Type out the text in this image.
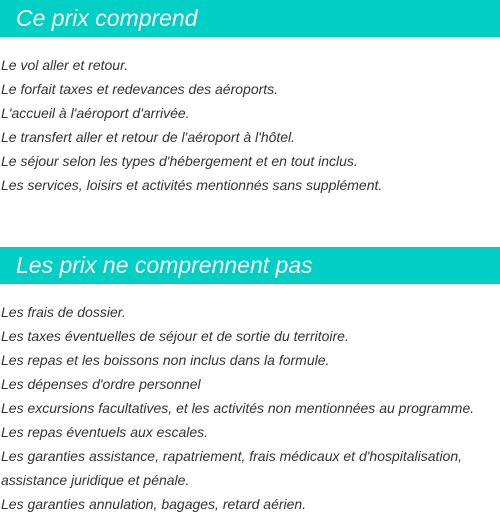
Ce prix comprend
Le vol aller et retour.
Le forfait taxes et redevances des aéroports.
L'accueil à l'aéroport d'arrivée.
Le transfert aller et retour de l'aéroport à l'hôtel.
Le séjour selon les types d'hébergement et en tout inclus.
Les services, loisirs et activités mentionnés sans supplément.
Les prix ne comprennent pas
Les frais de dossier.
Les taxes éventuelles de séjour et de sortie du territoire.
Les repas et les boissons non inclus dans la formule.
Les dépenses d'ordre personnel
Les excursions facultatives, et les activités non mentionnées au programme.
Les repas éventuels aux escales.
Les garanties assistance, rapatriement, frais médicaux et d'hospitalisation, assistance juridique et pénale.
Les garanties annulation, bagages, retard aérien.
